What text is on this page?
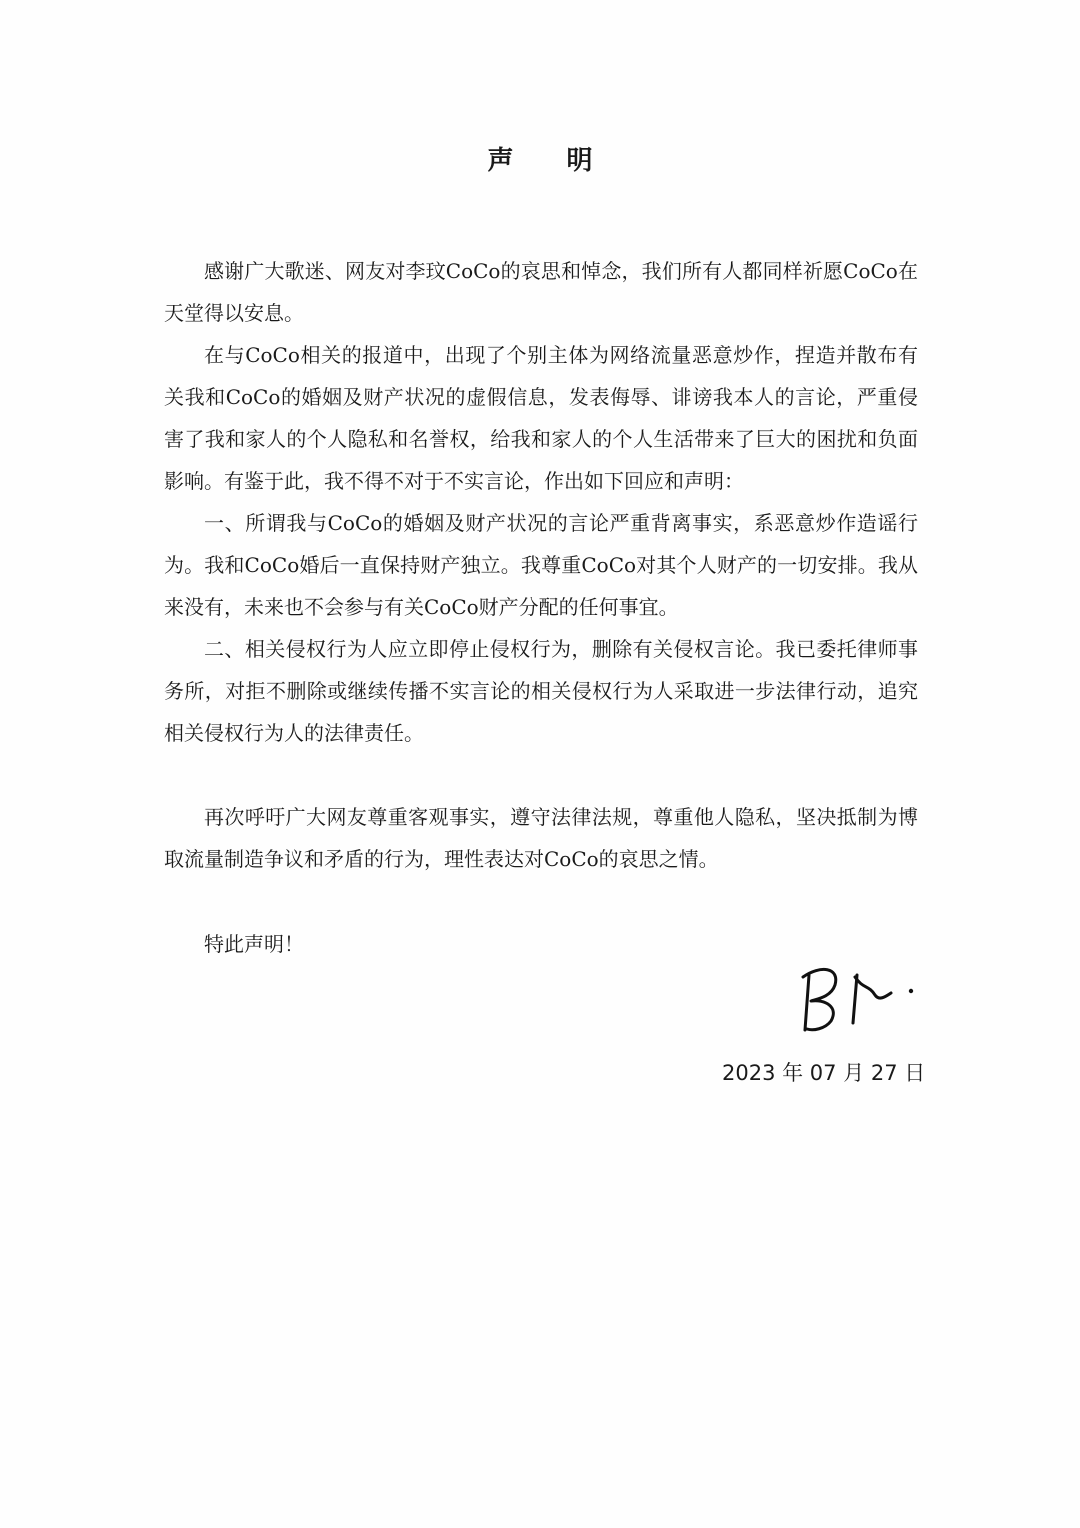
声 明

感谢广大歌迷、网友对李玟CoCo的哀思和悼念，我们所有人都同样祈愿CoCo在天堂得以安息。

在与CoCo相关的报道中，出现了个别主体为网络流量恶意炒作，捏造并散布有关我和CoCo的婚姻及财产状况的虚假信息，发表侮辱、诽谤我本人的言论，严重侵害了我和家人的个人隐私和名誉权，给我和家人的个人生活带来了巨大的困扰和负面影响。有鉴于此，我不得不对于不实言论，作出如下回应和声明：

一、所谓我与CoCo的婚姻及财产状况的言论严重背离事实，系恶意炒作造谣行为。我和CoCo婚后一直保持财产独立。我尊重CoCo对其个人财产的一切安排。我从来没有，未来也不会参与有关CoCo财产分配的任何事宜。

二、相关侵权行为人应立即停止侵权行为，删除有关侵权言论。我已委托律师事务所，对拒不删除或继续传播不实言论的相关侵权行为人采取进一步法律行动，追究相关侵权行为人的法律责任。

再次呼吁广大网友尊重客观事实，遵守法律法规，尊重他人隐私，坚决抵制为博取流量制造争议和矛盾的行为，理性表达对CoCo的哀思之情。

特此声明！
2023 年 07 月 27 日
